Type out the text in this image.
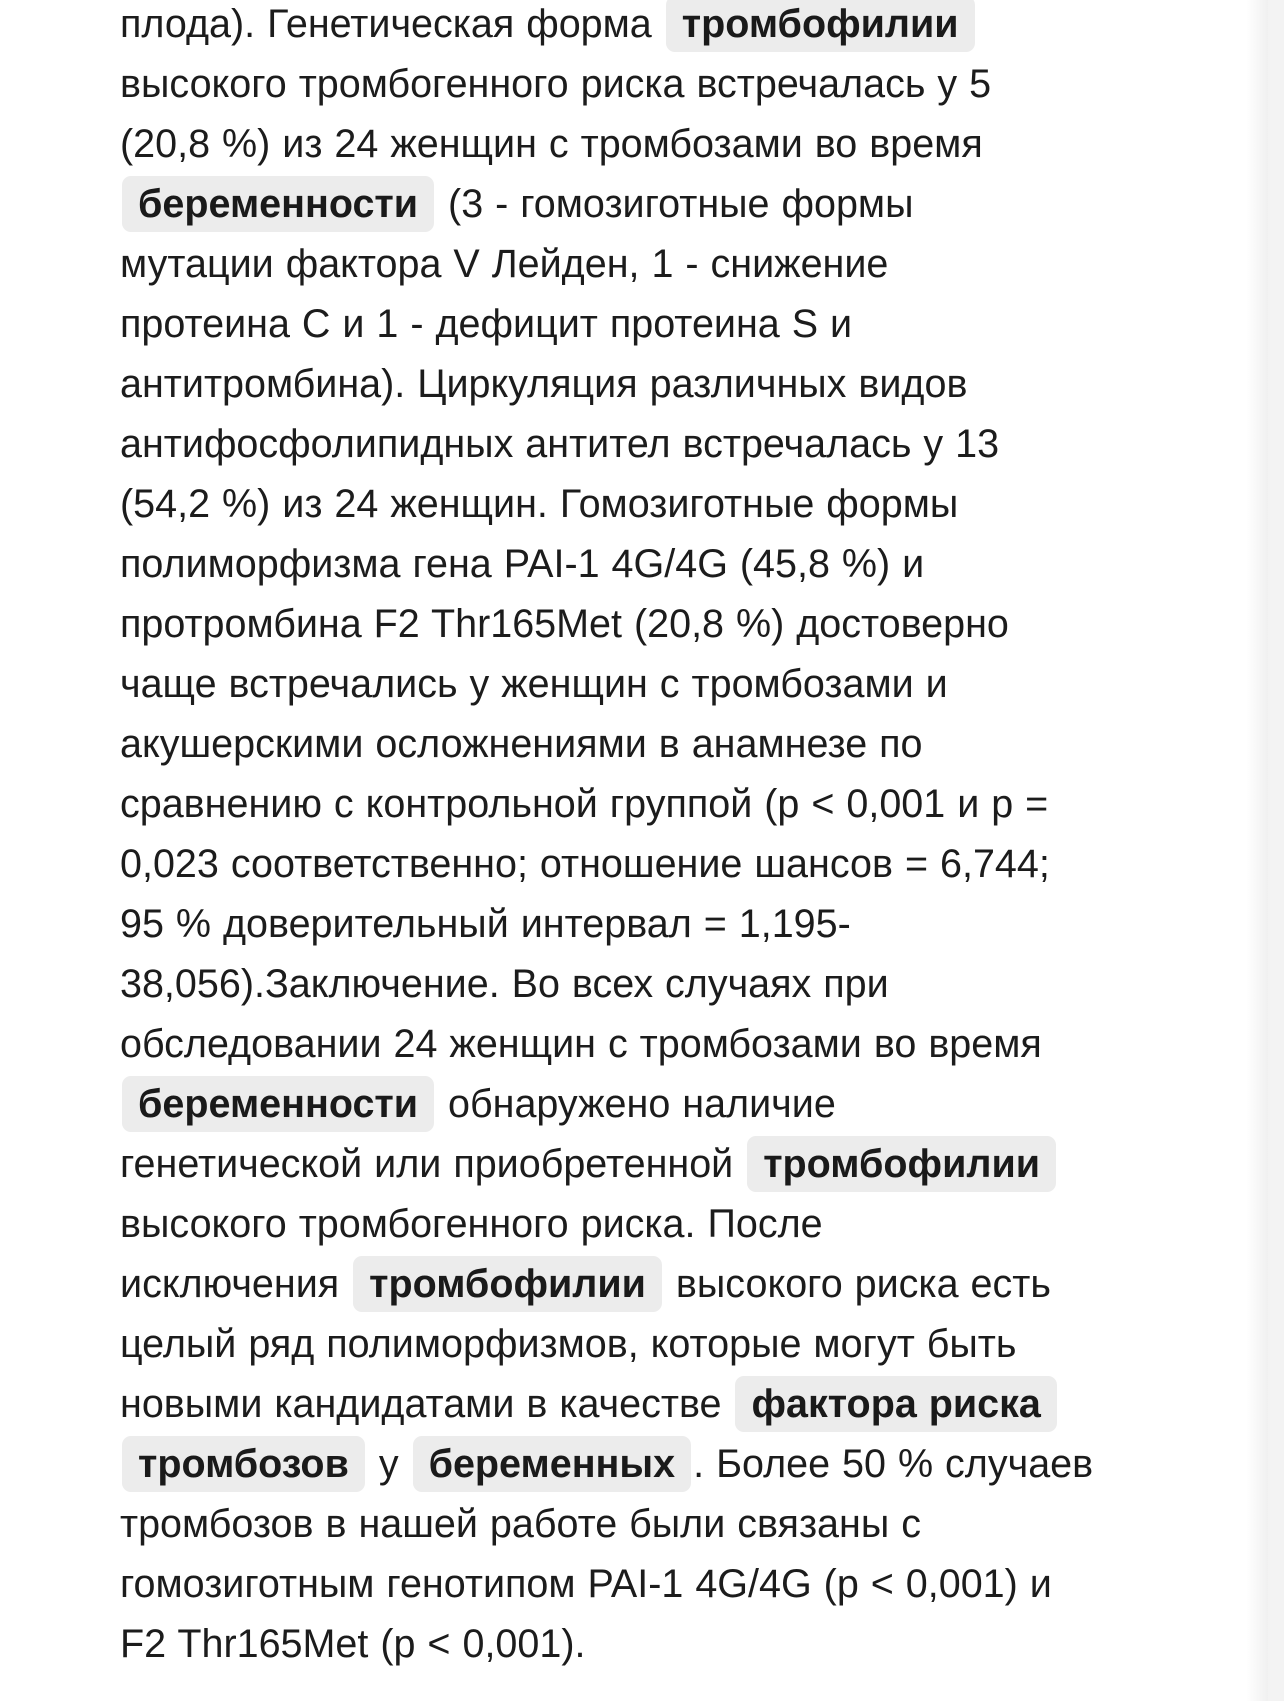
плода). Генетическая форма тромбофилии
высокого тромбогенного риска встречалась у 5
(20,8 %) из 24 женщин с тромбозами во время
беременности (3 - гомозиготные формы
мутации фактора V Лейден, 1 - снижение
протеина C и 1 - дефицит протеина S и
антитромбина). Циркуляция различных видов
антифосфолипидных антител встречалась у 13
(54,2 %) из 24 женщин. Гомозиготные формы
полиморфизма гена PAI-1 4G/4G (45,8 %) и
протромбина F2 Thr165Met (20,8 %) достоверно
чаще встречались у женщин с тромбозами и
акушерскими осложнениями в анамнезе по
сравнению с контрольной группой (p < 0,001 и p =
0,023 соответственно; отношение шансов = 6,744;
95 % доверительный интервал = 1,195-
38,056).Заключение. Во всех случаях при
обследовании 24 женщин с тромбозами во время
беременности обнаружено наличие
генетической или приобретенной тромбофилии
высокого тромбогенного риска. После
исключения тромбофилии высокого риска есть
целый ряд полиморфизмов, которые могут быть
новыми кандидатами в качестве фактора риска
тромбозов у беременных . Более 50 % случаев
тромбозов в нашей работе были связаны с
гомозиготным генотипом PAI-1 4G/4G (p < 0,001) и
F2 Thr165Met (p < 0,001).
